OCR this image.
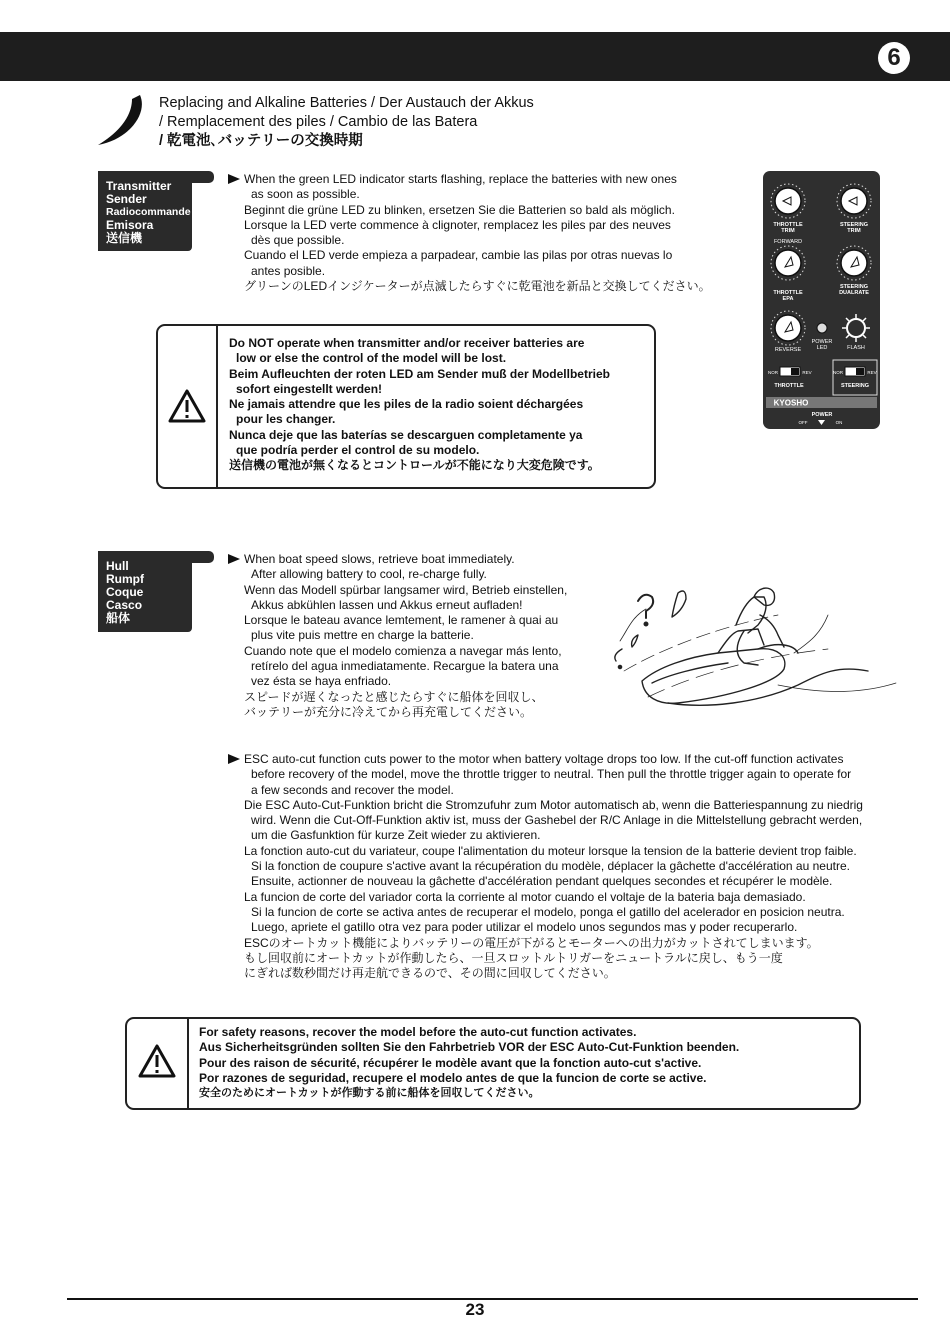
6
Replacing and Alkaline Batteries / Der Austauch der Akkus
/ Remplacement des piles / Cambio de las Batera
/ 乾電池､バッテリーの交換時期
Transmitter
Sender
Radiocommande
Emisora
送信機
When the green LED indicator starts flashing, replace the batteries with new ones
as soon as possible.
Beginnt die grüne LED zu blinken, ersetzen Sie die Batterien so bald als möglich.
Lorsque la LED verte commence à clignoter, remplacez les piles par des neuves
dès que possible.
Cuando el LED verde empieza a parpadear, cambie las pilas por otras nuevas lo
antes posible.
グリーンのLEDインジケーターが点滅したらすぐに乾電池を新品と交換してください。
Do NOT operate when transmitter and/or receiver batteries are
low or else the control of the model will be lost.
Beim Aufleuchten der roten LED am Sender muß der Modellbetrieb
sofort eingestellt werden!
Ne jamais attendre que les piles de la radio soient déchargées
pour les changer.
Nunca deje que las baterías se descarguen completamente ya
que podría perder el control de su modelo.
送信機の電池が無くなるとコントロールが不能になり大変危険です。
THROTTLE
TRIM
STEERING
TRIM
FORWARD
THROTTLE
EPA
STEERING
DUALRATE
REVERSE
POWER
LED	FLASH
NOR	REV	NOR	REV
THROTTLE	STEERING
KYOSHO
POWER
OFF	ON
Hull
Rumpf
Coque
Casco
船体
When boat speed slows, retrieve boat immediately.
After allowing battery to cool, re-charge fully.
Wenn das Modell spürbar langsamer wird, Betrieb einstellen,
Akkus abkühlen lassen und Akkus erneut aufladen!
Lorsque le bateau avance lemtement, le ramener à quai au
plus vite puis mettre en charge la batterie.
Cuando note que el modelo comienza a navegar más lento,
retírelo del agua inmediatamente. Recargue la batera una
vez ésta se haya enfriado.
スピードが遅くなったと感じたらすぐに船体を回収し、
バッテリーが充分に冷えてから再充電してください。
ESC auto-cut function cuts power to the motor when battery voltage drops too low. If the cut-off function activates
before recovery of the model, move the throttle trigger to neutral. Then pull the throttle trigger again to operate for
a few seconds and recover the model.
Die ESC Auto-Cut-Funktion bricht die Stromzufuhr zum Motor automatisch ab, wenn die Batteriespannung zu niedrig
wird. Wenn die Cut-Off-Funktion aktiv ist, muss der Gashebel der R/C Anlage in die Mittelstellung gebracht werden,
um die Gasfunktion für kurze Zeit wieder zu aktivieren.
La fonction auto-cut du variateur, coupe l'alimentation du moteur lorsque la tension de la batterie devient trop faible.
Si la fonction de coupure s'active avant la récupération du modèle, déplacer la gâchette d'accélération au neutre.
Ensuite, actionner de nouveau la gâchette d'accélération pendant quelques secondes et récupérer le modèle.
La funcion de corte del variador corta la corriente al motor cuando el voltaje de la bateria baja demasiado.
Si la funcion de corte se activa antes de recuperar el modelo, ponga el gatillo del acelerador en posicion neutra.
Luego, apriete el gatillo otra vez para poder utilizar el modelo unos segundos mas y poder recuperarlo.
ESCのオートカット機能によりバッテリーの電圧が下がるとモーターへの出力がカットされてしまいます。
もし回収前にオートカットが作動したら、一旦スロットルトリガーをニュートラルに戻し、もう一度
にぎれば数秒間だけ再走航できるので、その間に回収してください。
For safety reasons, recover the model before the auto-cut function activates.
Aus Sicherheitsgründen sollten Sie den Fahrbetrieb VOR der ESC Auto-Cut-Funktion beenden.
Pour des raison de sécurité, récupérer le modèle avant que la fonction auto-cut s'active.
Por razones de seguridad, recupere el modelo antes de que la funcion de corte se active.
安全のためにオートカットが作動する前に船体を回収してください。
23
